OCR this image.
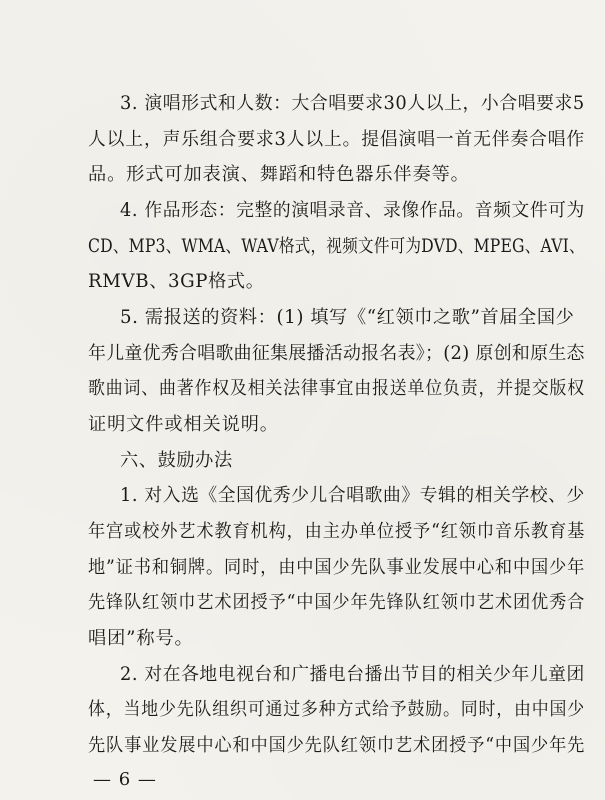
3. 演唱形式和人数：大合唱要求30人以上，小合唱要求5
人以上，声乐组合要求3人以上。提倡演唱一首无伴奏合唱作
品。形式可加表演、舞蹈和特色器乐伴奏等。
4. 作品形态：完整的演唱录音、录像作品。音频文件可为
CD、MP3、WMA、WAV格式，视频文件可为DVD、MPEG、AVI、
RMVB、3GP格式。
5. 需报送的资料：(1) 填写《“红领巾之歌”首届全国少
年儿童优秀合唱歌曲征集展播活动报名表》；(2) 原创和原生态
歌曲词、曲著作权及相关法律事宜由报送单位负责，并提交版权
证明文件或相关说明。
六、鼓励办法
1. 对入选《全国优秀少儿合唱歌曲》专辑的相关学校、少
年宫或校外艺术教育机构，由主办单位授予“红领巾音乐教育基
地”证书和铜牌。同时，由中国少先队事业发展中心和中国少年
先锋队红领巾艺术团授予“中国少年先锋队红领巾艺术团优秀合
唱团”称号。
2. 对在各地电视台和广播电台播出节目的相关少年儿童团
体，当地少先队组织可通过多种方式给予鼓励。同时，由中国少
先队事业发展中心和中国少先队红领巾艺术团授予“中国少年先
— 6 —
